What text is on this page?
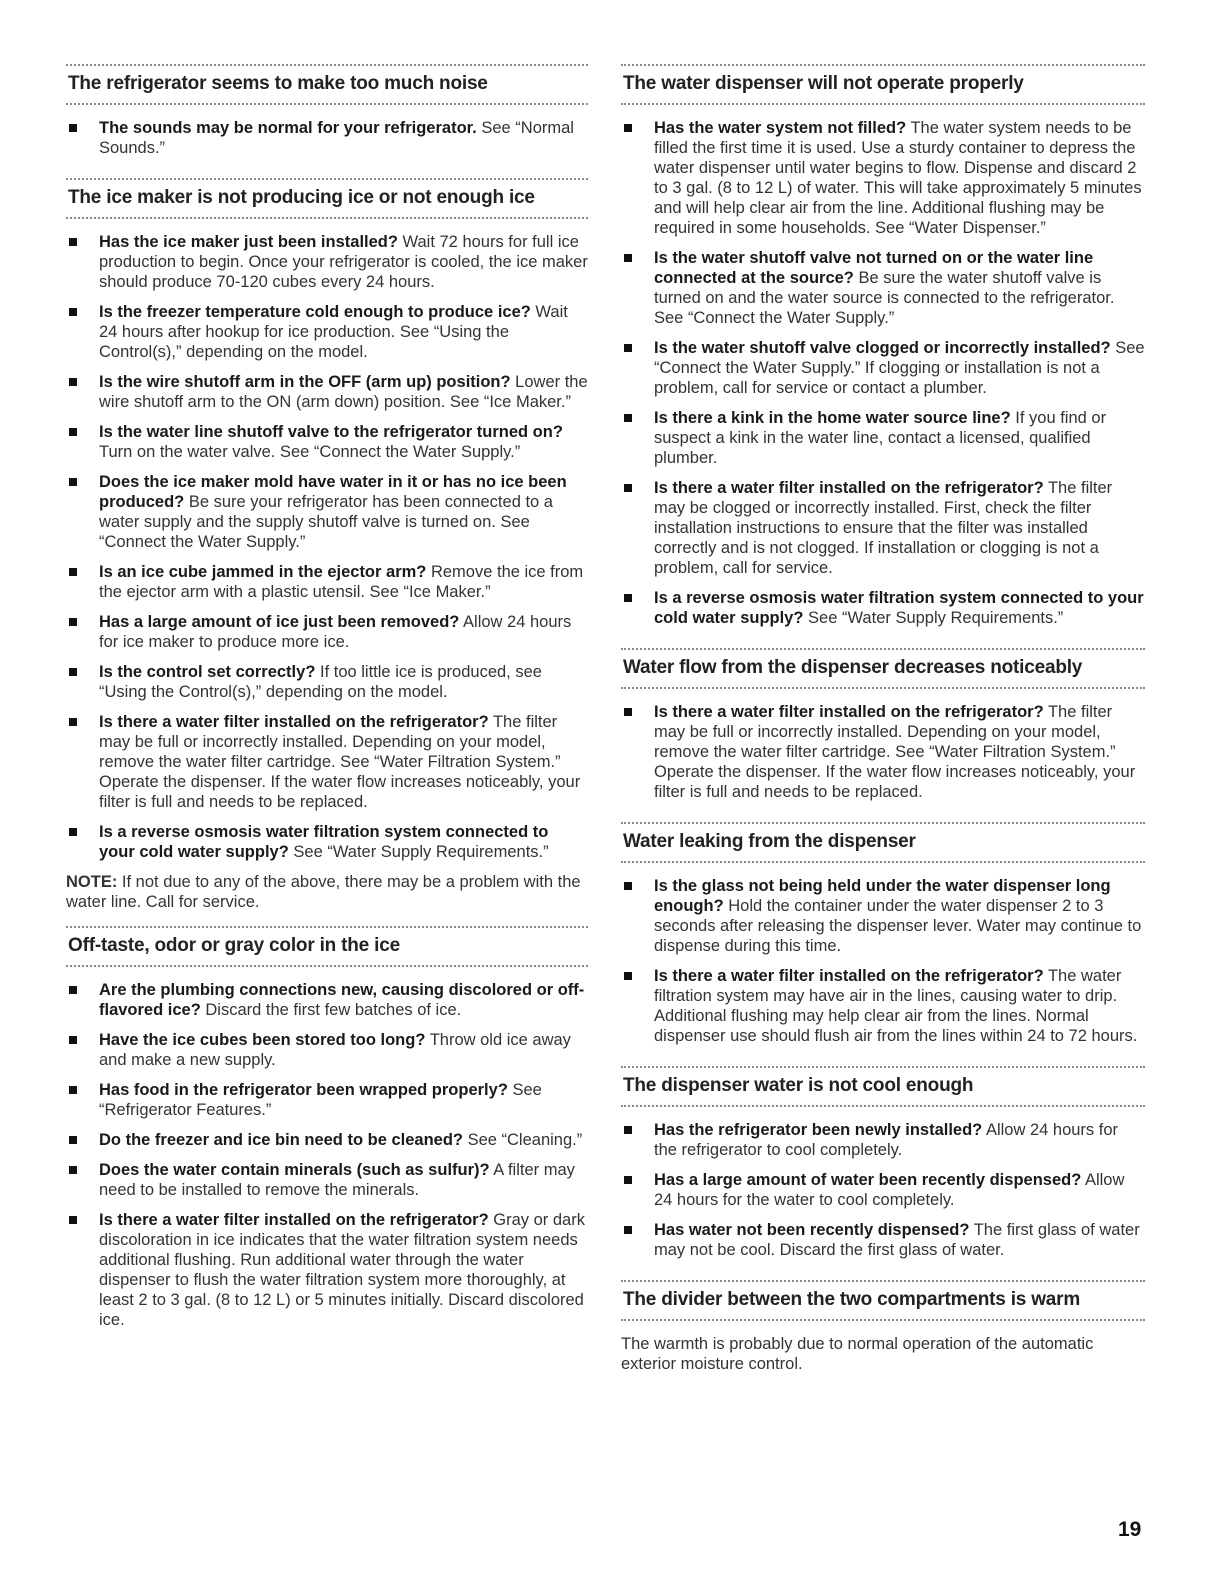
The refrigerator seems to make too much noise
The sounds may be normal for your refrigerator. See “Normal Sounds.”
The ice maker is not producing ice or not enough ice
Has the ice maker just been installed? Wait 72 hours for full ice production to begin. Once your refrigerator is cooled, the ice maker should produce 70-120 cubes every 24 hours.
Is the freezer temperature cold enough to produce ice? Wait 24 hours after hookup for ice production. See “Using the Control(s),” depending on the model.
Is the wire shutoff arm in the OFF (arm up) position? Lower the wire shutoff arm to the ON (arm down) position. See “Ice Maker.”
Is the water line shutoff valve to the refrigerator turned on? Turn on the water valve. See “Connect the Water Supply.”
Does the ice maker mold have water in it or has no ice been produced? Be sure your refrigerator has been connected to a water supply and the supply shutoff valve is turned on. See “Connect the Water Supply.”
Is an ice cube jammed in the ejector arm? Remove the ice from the ejector arm with a plastic utensil. See “Ice Maker.”
Has a large amount of ice just been removed? Allow 24 hours for ice maker to produce more ice.
Is the control set correctly? If too little ice is produced, see “Using the Control(s),” depending on the model.
Is there a water filter installed on the refrigerator? The filter may be full or incorrectly installed. Depending on your model, remove the water filter cartridge. See “Water Filtration System.” Operate the dispenser. If the water flow increases noticeably, your filter is full and needs to be replaced.
Is a reverse osmosis water filtration system connected to your cold water supply? See “Water Supply Requirements.”
NOTE: If not due to any of the above, there may be a problem with the water line. Call for service.
Off-taste, odor or gray color in the ice
Are the plumbing connections new, causing discolored or off-flavored ice? Discard the first few batches of ice.
Have the ice cubes been stored too long? Throw old ice away and make a new supply.
Has food in the refrigerator been wrapped properly? See “Refrigerator Features.”
Do the freezer and ice bin need to be cleaned? See “Cleaning.”
Does the water contain minerals (such as sulfur)? A filter may need to be installed to remove the minerals.
Is there a water filter installed on the refrigerator? Gray or dark discoloration in ice indicates that the water filtration system needs additional flushing. Run additional water through the water dispenser to flush the water filtration system more thoroughly, at least 2 to 3 gal. (8 to 12 L) or 5 minutes initially. Discard discolored ice.
The water dispenser will not operate properly
Has the water system not filled? The water system needs to be filled the first time it is used. Use a sturdy container to depress the water dispenser until water begins to flow. Dispense and discard 2 to 3 gal. (8 to 12 L) of water. This will take approximately 5 minutes and will help clear air from the line. Additional flushing may be required in some households. See “Water Dispenser.”
Is the water shutoff valve not turned on or the water line connected at the source? Be sure the water shutoff valve is turned on and the water source is connected to the refrigerator. See “Connect the Water Supply.”
Is the water shutoff valve clogged or incorrectly installed? See “Connect the Water Supply.” If clogging or installation is not a problem, call for service or contact a plumber.
Is there a kink in the home water source line? If you find or suspect a kink in the water line, contact a licensed, qualified plumber.
Is there a water filter installed on the refrigerator? The filter may be clogged or incorrectly installed. First, check the filter installation instructions to ensure that the filter was installed correctly and is not clogged. If installation or clogging is not a problem, call for service.
Is a reverse osmosis water filtration system connected to your cold water supply? See “Water Supply Requirements.”
Water flow from the dispenser decreases noticeably
Is there a water filter installed on the refrigerator? The filter may be full or incorrectly installed. Depending on your model, remove the water filter cartridge. See “Water Filtration System.” Operate the dispenser. If the water flow increases noticeably, your filter is full and needs to be replaced.
Water leaking from the dispenser
Is the glass not being held under the water dispenser long enough? Hold the container under the water dispenser 2 to 3 seconds after releasing the dispenser lever. Water may continue to dispense during this time.
Is there a water filter installed on the refrigerator? The water filtration system may have air in the lines, causing water to drip. Additional flushing may help clear air from the lines. Normal dispenser use should flush air from the lines within 24 to 72 hours.
The dispenser water is not cool enough
Has the refrigerator been newly installed? Allow 24 hours for the refrigerator to cool completely.
Has a large amount of water been recently dispensed? Allow 24 hours for the water to cool completely.
Has water not been recently dispensed? The first glass of water may not be cool. Discard the first glass of water.
The divider between the two compartments is warm
The warmth is probably due to normal operation of the automatic exterior moisture control.
19
